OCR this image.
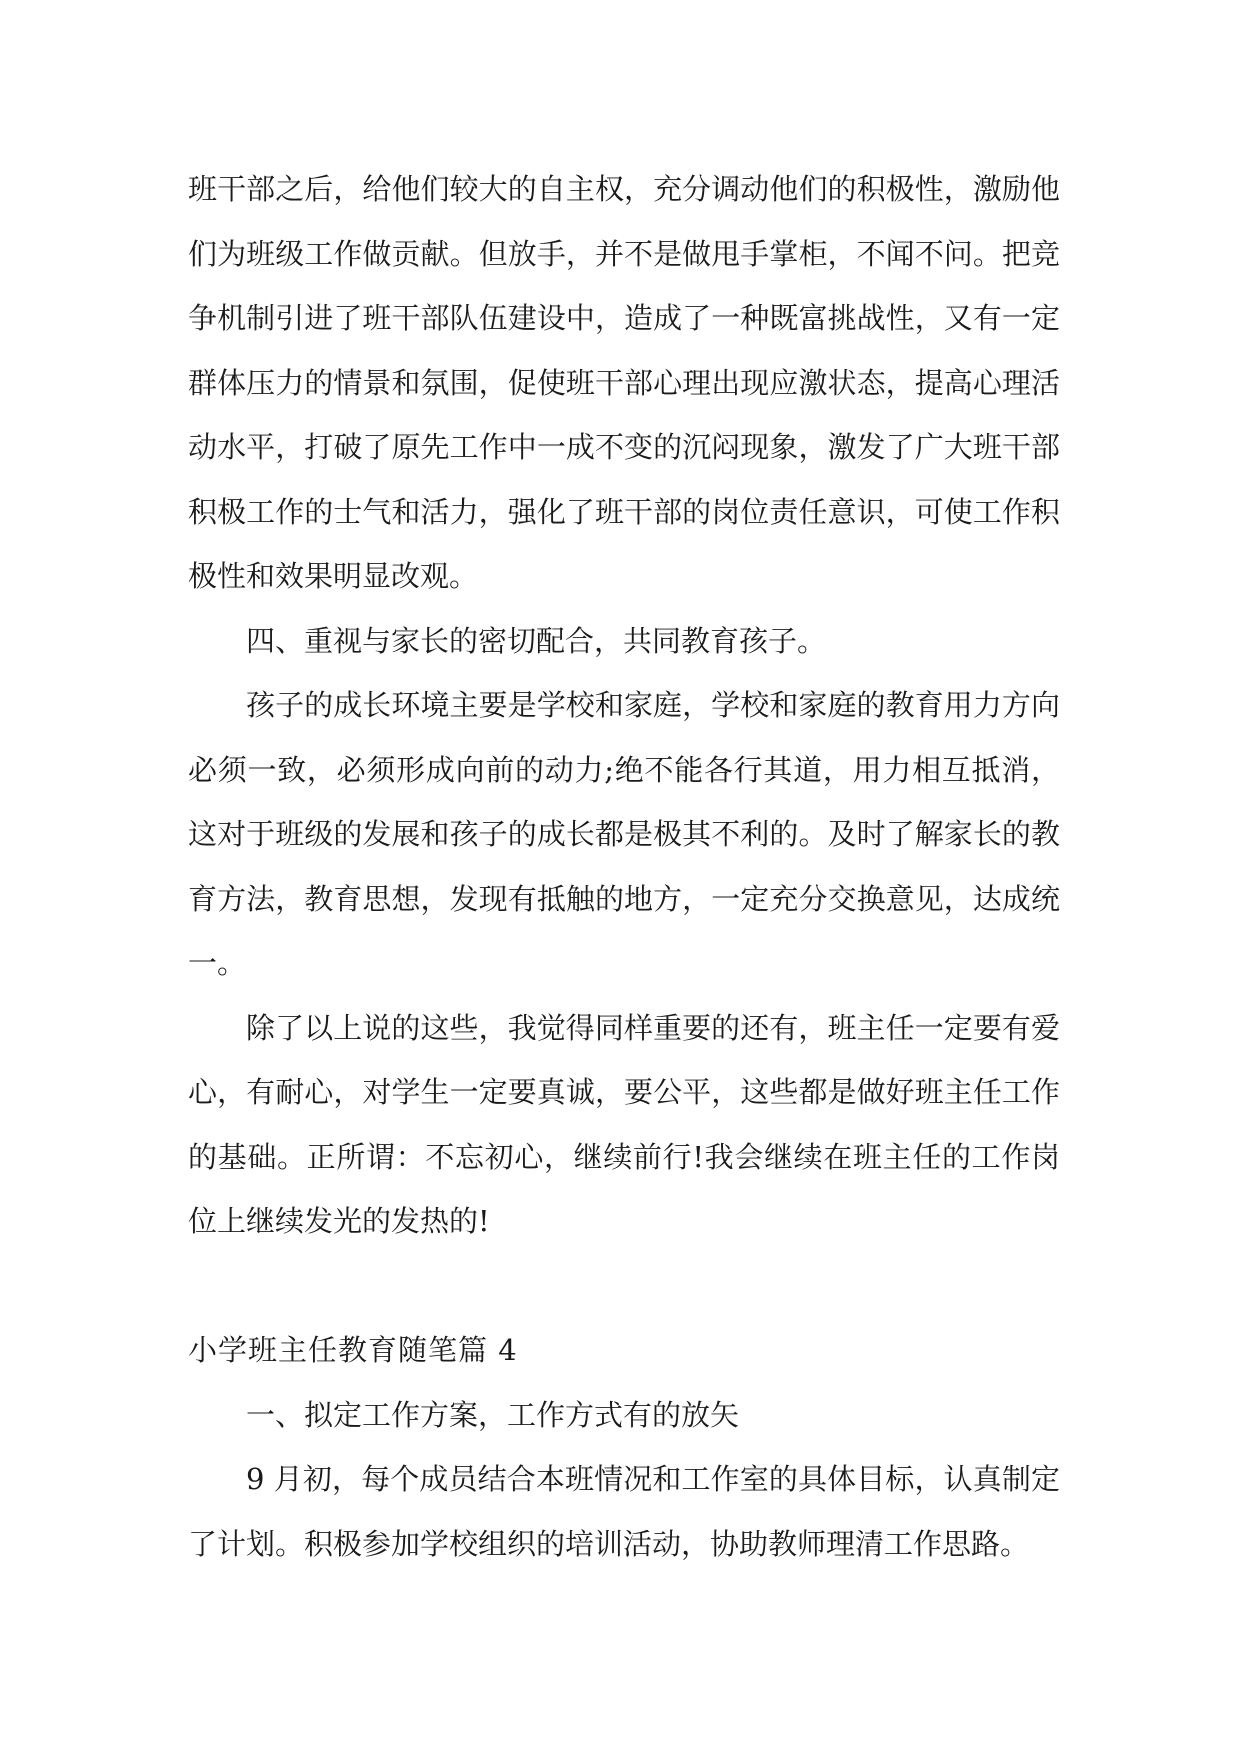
班干部之后，给他们较大的自主权，充分调动他们的积极性，激励他们为班级工作做贡献。但放手，并不是做甩手掌柜，不闻不问。把竞争机制引进了班干部队伍建设中，造成了一种既富挑战性，又有一定群体压力的情景和氛围，促使班干部心理出现应激状态，提高心理活动水平，打破了原先工作中一成不变的沉闷现象，激发了广大班干部积极工作的士气和活力，强化了班干部的岗位责任意识，可使工作积极性和效果明显改观。

四、重视与家长的密切配合，共同教育孩子。

孩子的成长环境主要是学校和家庭，学校和家庭的教育用力方向必须一致，必须形成向前的动力;绝不能各行其道，用力相互抵消，这对于班级的发展和孩子的成长都是极其不利的。及时了解家长的教育方法，教育思想，发现有抵触的地方，一定充分交换意见，达成统一。

除了以上说的这些，我觉得同样重要的还有，班主任一定要有爱心，有耐心，对学生一定要真诚，要公平，这些都是做好班主任工作的基础。正所谓：不忘初心，继续前行!我会继续在班主任的工作岗位上继续发光的发热的!

小学班主任教育随笔篇 4

一、拟定工作方案，工作方式有的放矢

9 月初，每个成员结合本班情况和工作室的具体目标，认真制定了计划。积极参加学校组织的培训活动，协助教师理清工作思路。
